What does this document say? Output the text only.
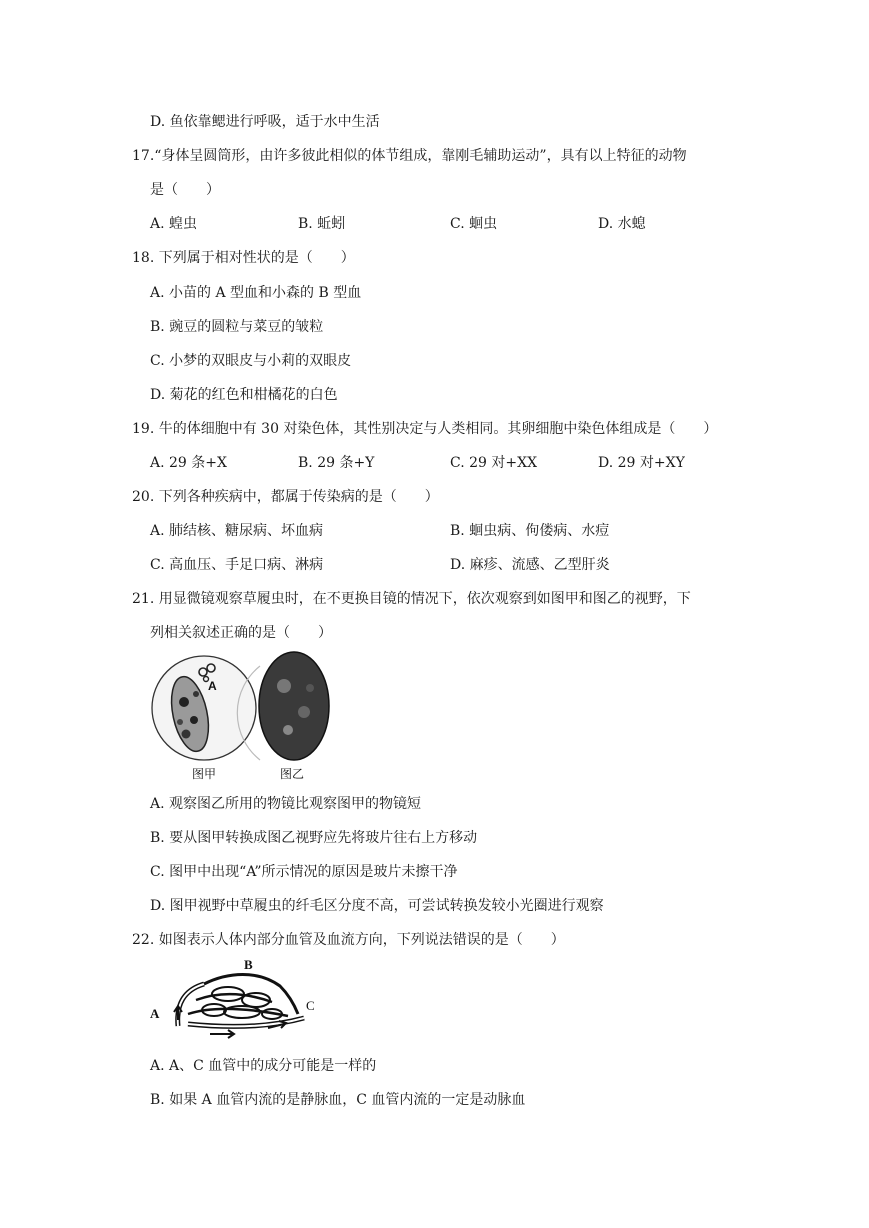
D. 鱼依靠鳃进行呼吸，适于水中生活
17.“身体呈圆筒形，由许多彼此相似的体节组成，靠刚毛辅助运动”，具有以上特征的动物
是（　　）
A. 蝗虫	B. 蚯蚓	C. 蛔虫	D. 水螅
18. 下列属于相对性状的是（　　）
A. 小苗的 A 型血和小森的 B 型血
B. 豌豆的圆粒与菜豆的皱粒
C. 小梦的双眼皮与小莉的双眼皮
D. 菊花的红色和柑橘花的白色
19. 牛的体细胞中有 30 对染色体，其性别决定与人类相同。其卵细胞中染色体组成是（　　）
A. 29 条+X	B. 29 条+Y	C. 29 对+XX	D. 29 对+XY
20. 下列各种疾病中，都属于传染病的是（　　）
A. 肺结核、糖尿病、坏血病	B. 蛔虫病、佝偻病、水痘
C. 高血压、手足口病、淋病	D. 麻疹、流感、乙型肝炎
21. 用显微镜观察草履虫时，在不更换目镜的情况下，依次观察到如图甲和图乙的视野，下
列相关叙述正确的是（　　）
A
图甲	图乙
A. 观察图乙所用的物镜比观察图甲的物镜短
B. 要从图甲转换成图乙视野应先将玻片往右上方移动
C. 图甲中出现“A”所示情况的原因是玻片未擦干净
D. 图甲视野中草履虫的纤毛区分度不高，可尝试转换发较小光圈进行观察
22. 如图表示人体内部分血管及血流方向，下列说法错误的是（　　）
A
B
C
A. A、C 血管中的成分可能是一样的
B. 如果 A 血管内流的是静脉血，C 血管内流的一定是动脉血
